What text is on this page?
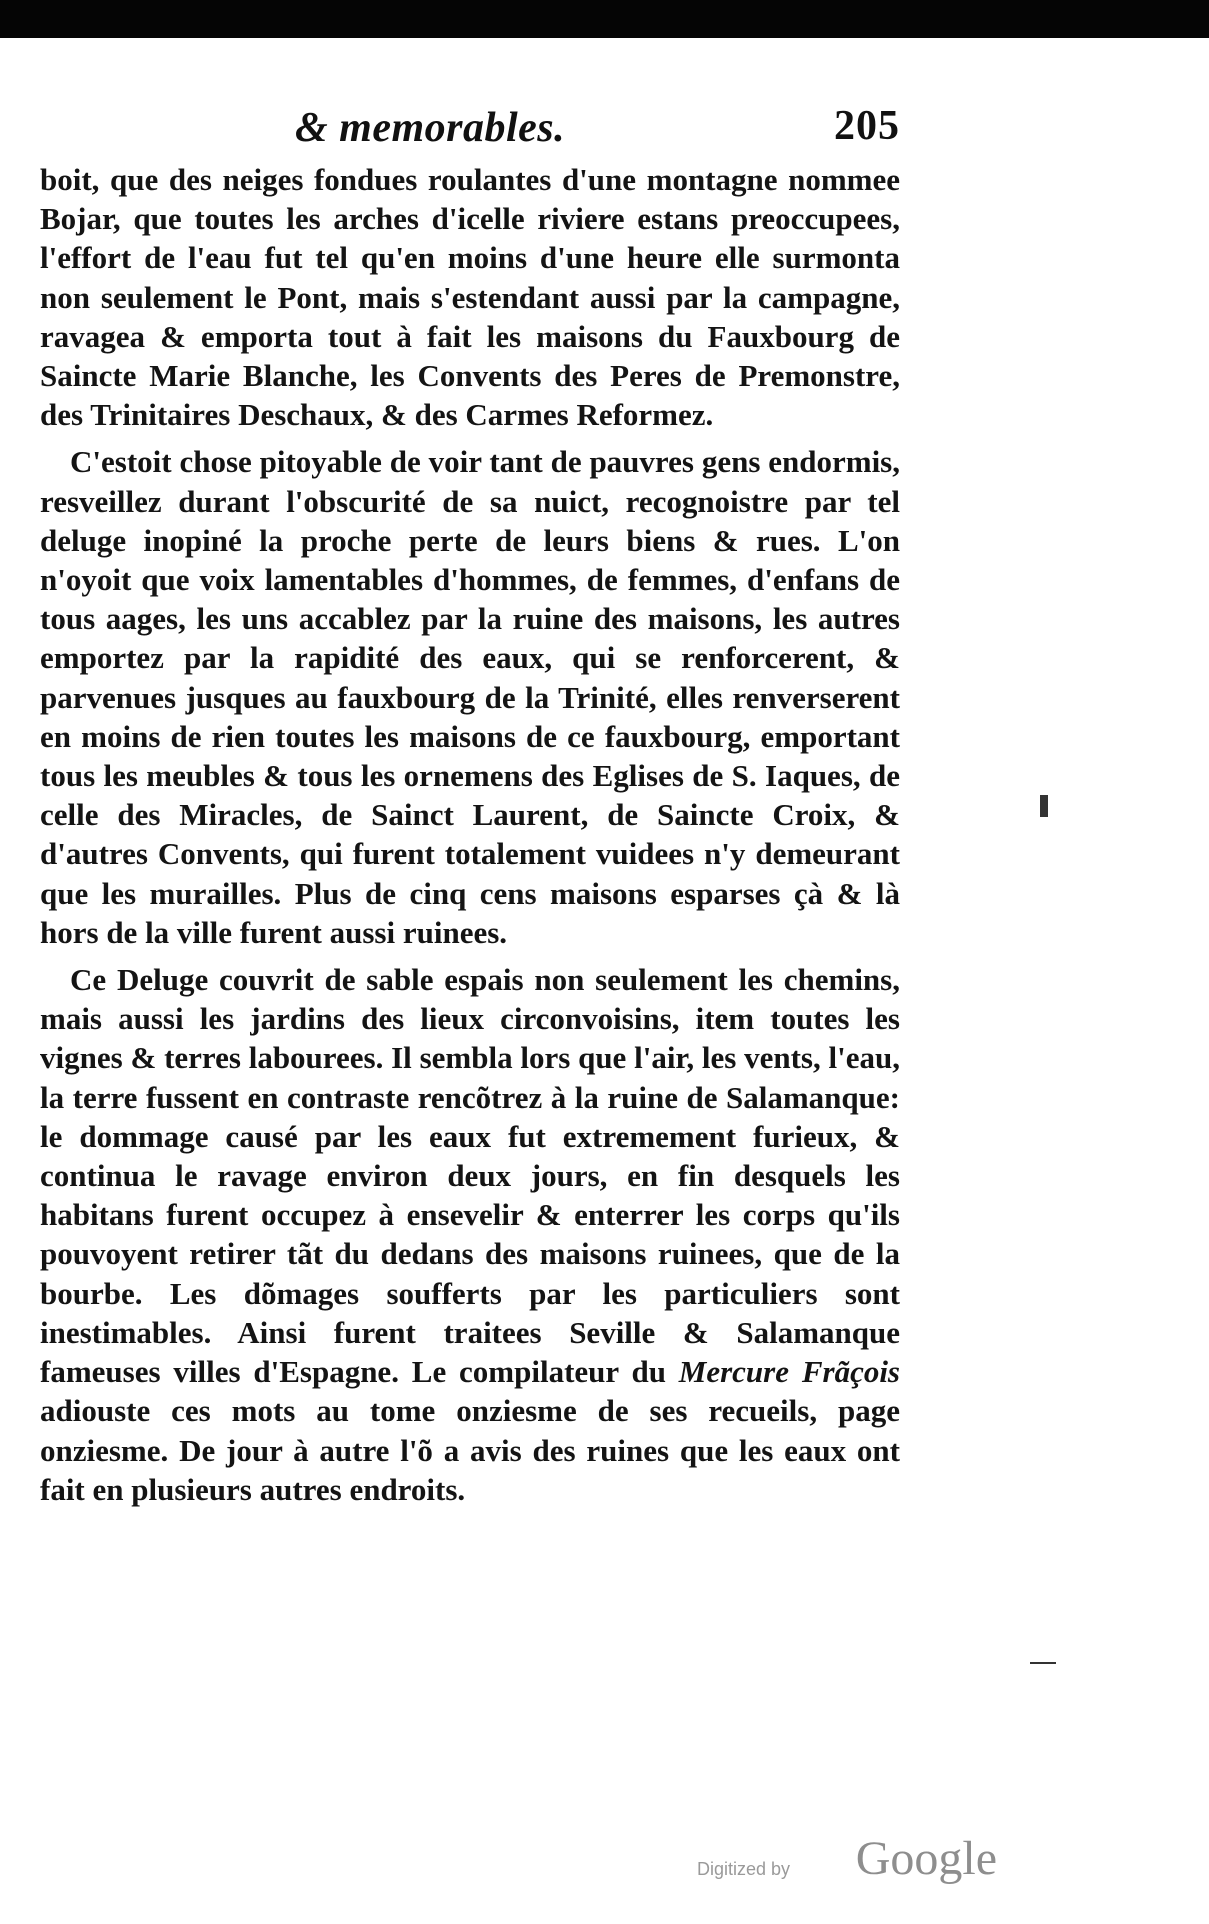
& memorables.	205

boit, que des neiges fondues roulantes d'une montagne nommee Bojar, que toutes les arches d'icelle riviere estans preoccupees, l'effort de l'eau fut tel qu'en moins d'une heure elle surmonta non seulement le Pont, mais s'estendant aussi par la campagne, ravagea & emporta tout à fait les maisons du Fauxbourg de Saincte Marie Blanche, les Convents des Peres de Premonstre, des Trinitaires Deschaux, & des Carmes Reformez.

C'estoit chose pitoyable de voir tant de pauvres gens endormis, resveillez durant l'obscurité de sa nuict, recognoistre par tel deluge inopiné la proche perte de leurs biens & rues. L'on n'oyoit que voix lamentables d'hommes, de femmes, d'enfans de tous aages, les uns accablez par la ruine des maisons, les autres emportez par la rapidité des eaux, qui se renforcerent, & parvenues jusques au fauxbourg de la Trinité, elles renverserent en moins de rien toutes les maisons de ce fauxbourg, emportant tous les meubles & tous les ornemens des Eglises de S. Iaques, de celle des Miracles, de Sainct Laurent, de Saincte Croix, & d'autres Convents, qui furent totalement vuidees n'y demeurant que les murailles. Plus de cinq cens maisons esparses çà & là hors de la ville furent aussi ruinees.

Ce Deluge couvrit de sable espais non seulement les chemins, mais aussi les jardins des lieux circonvoisins, item toutes les vignes & terres labourees. Il sembla lors que l'air, les vents, l'eau, la terre fussent en contraste rencõtrez à la ruine de Salamanque: le dommage causé par les eaux fut extremement furieux, & continua le ravage environ deux jours, en fin desquels les habitans furent occupez à ensevelir & enterrer les corps qu'ils pouvoyent retirer tãt du dedans des maisons ruinees, que de la bourbe. Les dõmages soufferts par les particuliers sont inestimables. Ainsi furent traitees Seville & Salamanque fameuses villes d'Espagne. Le compilateur du Mercure Frãçois adiouste ces mots au tome onziesme de ses recueils, page onziesme. De jour à autre l'õ a avis des ruines que les eaux ont fait en plusieurs autres endroits.

Digitized by Google
